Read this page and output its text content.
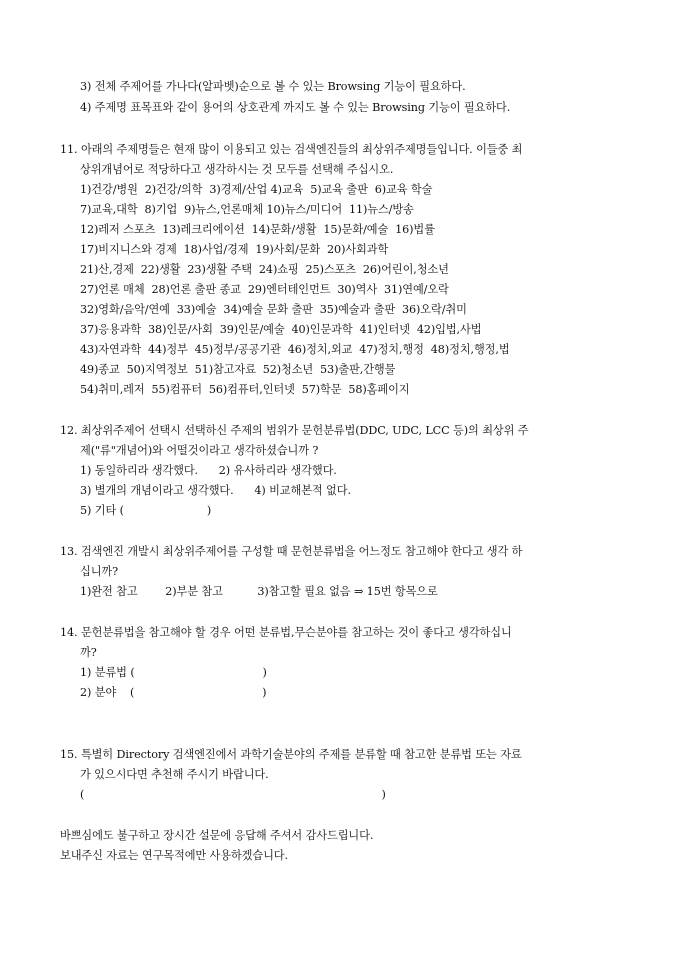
3) 전체 주제어를 가나다(알파벳)순으로 볼 수 있는 Browsing 기능이 필요하다.
4) 주제명 표목표와 같이 용어의 상호관계 까지도 볼 수 있는 Browsing 기능이 필요하다.
11. 아래의 주제명들은 현재 많이 이용되고 있는 검색엔진들의 최상위주제명들입니다. 이들중 최
상위개념어로 적당하다고 생각하시는 것 모두를 선택해 주십시오.
1)건강/병원  2)건강/의학  3)경제/산업 4)교육  5)교육 출판  6)교육 학술
7)교육,대학  8)기업  9)뉴스,언론매체 10)뉴스/미디어  11)뉴스/방송
12)레저 스포츠  13)레크리에이션  14)문화/생활  15)문화/예술  16)법률
17)비지니스와 경제  18)사업/경제  19)사회/문화  20)사회과학
21)산,경제  22)생활  23)생활 주택  24)쇼핑  25)스포츠  26)어린이,청소년
27)언론 매체  28)언론 출판 종교  29)엔터테인먼트  30)역사  31)연예/오락
32)영화/음악/연예  33)예술  34)예술 문화 출판  35)예술과 출판  36)오락/취미
37)응용과학  38)인문/사회  39)인문/예술  40)인문과학  41)인터넷  42)입법,사법
43)자연과학  44)정부  45)정부/공공기관  46)정치,외교  47)정치,행정  48)정치,행정,법
49)종교  50)지역정보  51)참고자료  52)청소년  53)출판,간행물
54)취미,레저  55)컴퓨터  56)컴퓨터,인터넷  57)학문  58)홈페이지
12. 최상위주제어 선택시 선택하신 주제의 범위가 문헌분류법(DDC, UDC, LCC 등)의 최상위 주
제("류"개념어)와 어떨것이라고 생각하셨습니까 ?
1) 동일하리라 생각했다.      2) 유사하리라 생각했다.
3) 별개의 개념이라고 생각했다.      4) 비교해본적 없다.
5) 기타 (                        )
13. 검색엔진 개발시 최상위주제어를 구성할 때 문헌분류법을 어느정도 참고해야 한다고 생각 하
십니까?
1)완전 참고        2)부분 참고          3)참고할 필요 없음 ⇒ 15번 항목으로
14. 문헌분류법을 참고해야 할 경우 어떤 분류법,무슨분야를 참고하는 것이 좋다고 생각하십니
까?
1) 분류법 (                                     )
2) 분야    (                                     )
15. 특별히 Directory 검색엔진에서 과학기술분야의 주제를 분류할 때 참고한 분류법 또는 자료
가 있으시다면 추천해 주시기 바랍니다.
(                                                                                      )
바쁘심에도 불구하고 장시간 설문에 응답해 주셔서 감사드립니다.
보내주신 자료는 연구목적에만 사용하겠습니다.
